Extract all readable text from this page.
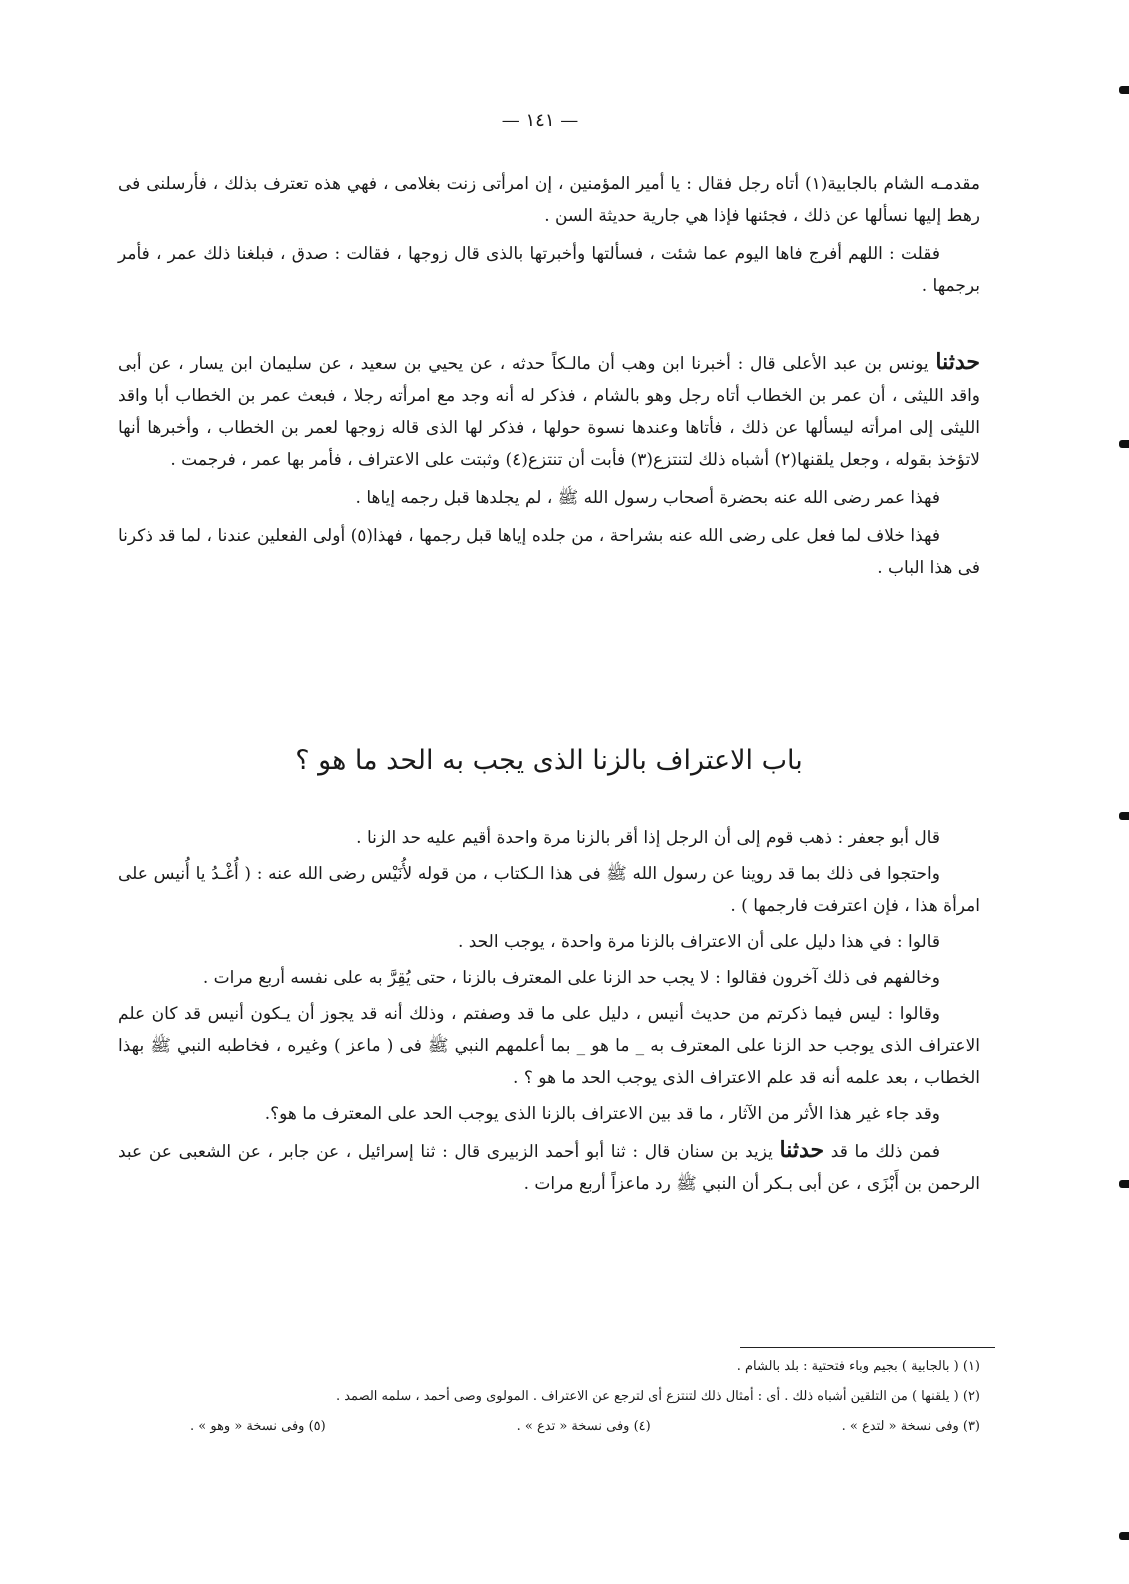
— ١٤١ —

مقدمـه الشام بالجابية(١) أتاه رجل فقال : يا أمير المؤمنين ، إن امرأتى زنت بغلامى ، فهي هذه تعترف بذلك ، فأرسلنى فى رهط إليها نسألها عن ذلك ، فجئنها فإذا هي جارية حديثة السن .

فقلت : اللهم أفرج فاها اليوم عما شئت ، فسألتها وأخبرتها بالذى قال زوجها ، فقالت : صدق ، فبلغنا ذلك عمر ، فأمر برجمها .

حدثنا يونس بن عبد الأعلى قال : أخبرنا ابن وهب أن مالـكاً حدثه ، عن يحيي بن سعيد ، عن سليمان ابن يسار ، عن أبى واقد الليثى ، أن عمر بن الخطاب أتاه رجل وهو بالشام ، فذكر له أنه وجد مع امرأته رجلا ، فبعث عمر بن الخطاب أبا واقد الليثى إلى امرأته ليسألها عن ذلك ، فأتاها وعندها نسوة حولها ، فذكر لها الذى قاله زوجها لعمر بن الخطاب ، وأخبرها أنها لاتؤخذ بقوله ، وجعل يلقنها(٢) أشباه ذلك لتنتزع(٣) فأبت أن تنتزع(٤) وثبتت على الاعتراف ، فأمر بها عمر ، فرجمت .

فهذا عمر رضى الله عنه بحضرة أصحاب رسول الله ﷺ ، لم يجلدها قبل رجمه إياها .

فهذا خلاف لما فعل على رضى الله عنه بشراحة ، من جلده إياها قبل رجمها ، فهذا(٥) أولى الفعلين عندنا ، لما قد ذكرنا فى هذا الباب .

باب الاعتراف بالزنا الذى يجب به الحد ما هو ؟

قال أبو جعفر : ذهب قوم إلى أن الرجل إذا أقر بالزنا مرة واحدة أقيم عليه حد الزنا .

واحتجوا فى ذلك بما قد روينا عن رسول الله ﷺ فى هذا الـكتاب ، من قوله لأُنَيْس رضى الله عنه : ( أُغْـدُ يا أُنيس على امرأة هذا ، فإن اعترفت فارجمها ) .

قالوا : في هذا دليل على أن الاعتراف بالزنا مرة واحدة ، يوجب الحد .

وخالفهم فى ذلك آخرون فقالوا : لا يجب حد الزنا على المعترف بالزنا ، حتى يُقِرَّ به على نفسه أربع مرات .

وقالوا : ليس فيما ذكرتم من حديث أنيس ، دليل على ما قد وصفتم ، وذلك أنه قد يجوز أن يـكون أنيس قد كان علم الاعتراف الذى يوجب حد الزنا على المعترف به _ ما هو _ بما أعلمهم النبي ﷺ فى ( ماعز ) وغيره ، فخاطبه النبي ﷺ بهذا الخطاب ، بعد علمه أنه قد علم الاعتراف الذى يوجب الحد ما هو ؟ .

وقد جاء غير هذا الأثر من الآثار ، ما قد بين الاعتراف بالزنا الذى يوجب الحد على المعترف ما هو؟.

فمن ذلك ما قد حدثنا يزيد بن سنان قال : ثنا أبو أحمد الزبيرى قال : ثنا إسرائيل ، عن جابر ، عن الشعبى عن عبد الرحمن بن أَبْزَى ، عن أبى بـكر أن النبي ﷺ رد ماعزاً أربع مرات .

(١) ( بالجابية ) بجيم وباء فتحتية : بلد بالشام .

(٢) ( يلقنها ) من التلقين أشباه ذلك . أى : أمثال ذلك لتنتزع أى لترجع عن الاعتراف . المولوى وصى أحمد ، سلمه الصمد .

(٣) وفى نسخة « لتدع » .
(٤) وفى نسخة « تدع » .
(٥) وفى نسخة « وهو » .
